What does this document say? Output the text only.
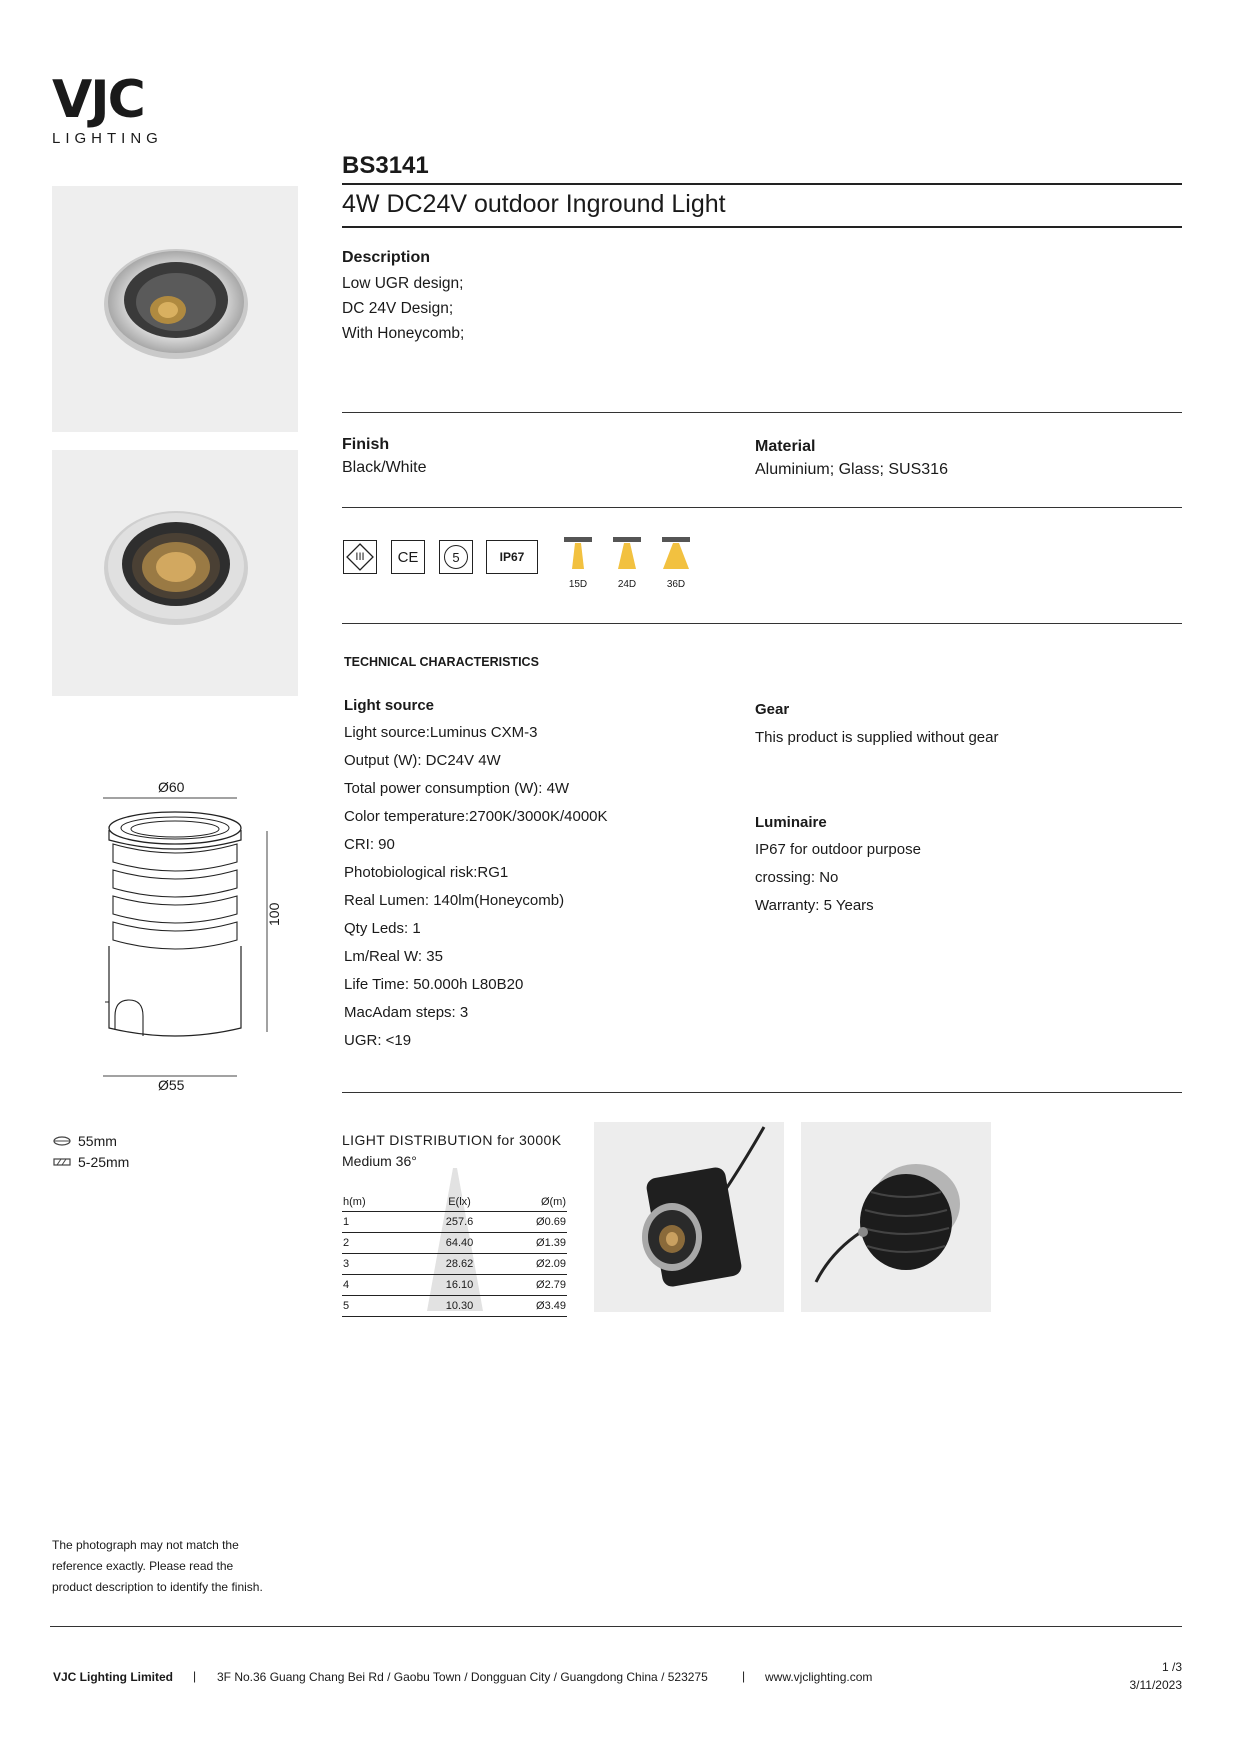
VJC
LIGHTING
BS3141
4W DC24V outdoor Inground Light
Description
Low UGR design;
DC 24V Design;
With Honeycomb;
Finish
Black/White
Material
Aluminium; Glass; SUS316
III CE	5	IP67
15D	24D	36D
TECHNICAL CHARACTERISTICS
Light source
Light source:Luminus CXM-3
Output (W): DC24V 4W
Total power consumption (W): 4W
Color temperature:2700K/3000K/4000K
CRI: 90
Photobiological risk:RG1
Real Lumen: 140lm(Honeycomb)
Qty Leds: 1
Lm/Real W: 35
Life Time: 50.000h L80B20
MacAdam steps: 3
UGR: <19
Gear
This product is supplied without gear
Luminaire
IP67 for outdoor purpose
crossing: No
Warranty: 5 Years
Ø60
100
Ø55
55mm
5-25mm
LIGHT DISTRIBUTION for 3000K
Medium 36°
h(m)	E(lx)	Ø(m)
1	257.6	Ø0.69
2	64.40	Ø1.39
3	28.62	Ø2.09
4	16.10	Ø2.79
5	10.30	Ø3.49
The photograph may not match the
reference exactly. Please read the
product description to identify the finish.
VJC Lighting Limited | 3F No.36 Guang Chang Bei Rd / Gaobu Town / Dongguan City / Guangdong China / 523275	| www.vjclighting.com
1 /3
3/11/2023
